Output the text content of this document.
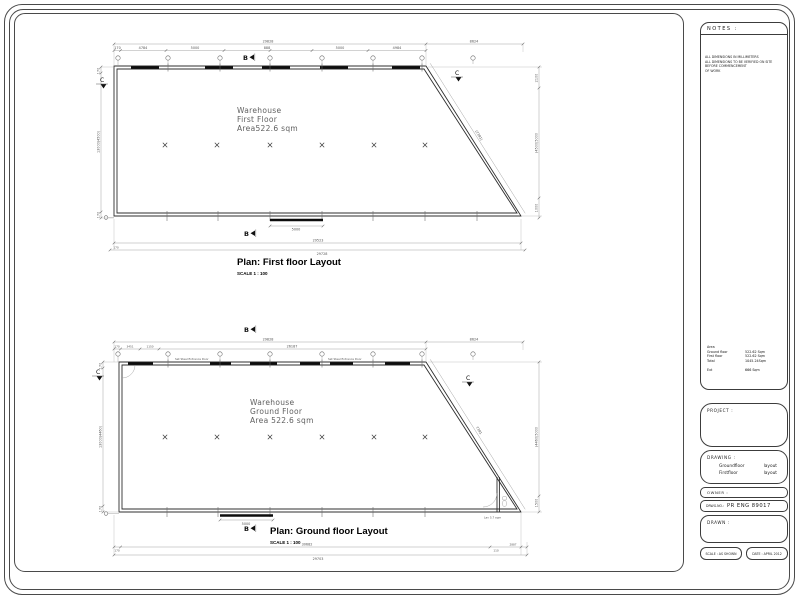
29828	8624
170	4784	5000	888	5000	4984
170
13000(4500)
170
2100
(4500)5000
1000
(7391)
5000
29523
170
29728
B
B
C
C
Warehouse
First Floor
Area522.6 sqm
Plan: First floor Layout
SCALE 1 : 100
Set Steel Entrance Door	Set Steel Entrance Door
29828	8624
170 3451	1150	26187
170
13000(4460)
170
(4460)5000
1500
7391
Lav 5.7 sqm
5000
170
30682
110
2887
29703
B
B
C
C
Warehouse
Ground Floor
Area 522.6 sqm
Plan: Ground floor Layout
SCALE 1 : 100
NOTES :
ALL DIMENSIONS IN MILLIMETERS
ALL DIMENSIONS TO BE VERIFIED ON SITE BEFORE COMMENCEMENT
OF WORK
Area
Ground floor	522.62 Sqm
First floor	522.62 Sqm
Total	1045.24Sqm
Ext	666 Sqm
PROJECT :
DRAWING :
Groundfloor	layout
Firstfloor	layout
OWNER :
DRWG.NO.: PR ENG 89017
DRAWN :
SCALE : AS SHOWN	DATE : APRIL 2012
